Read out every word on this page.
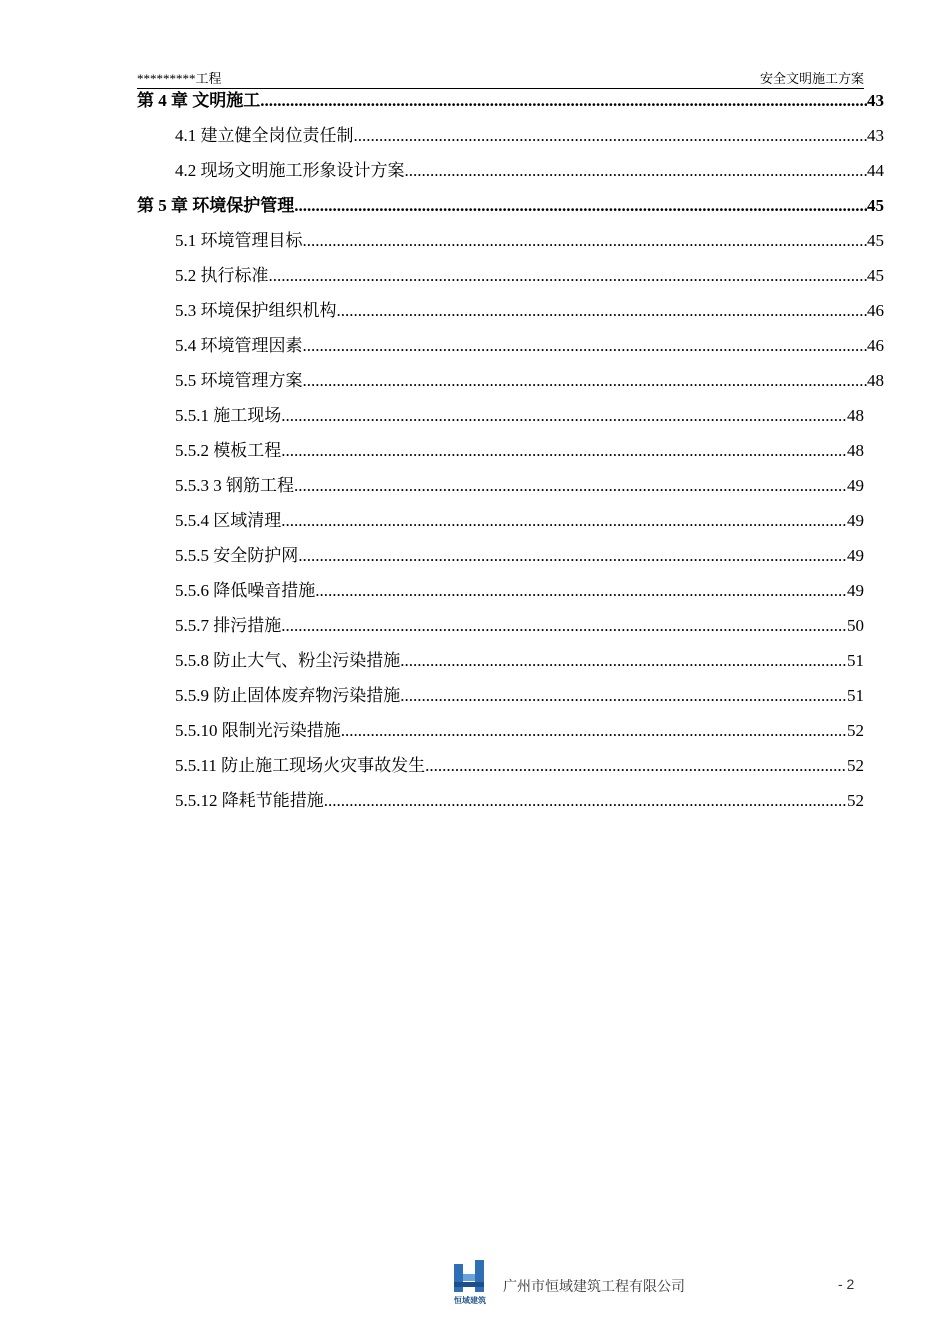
*********工程	安全文明施工方案
第 4 章 文明施工 .....	43
4.1 建立健全岗位责任制 .....	43
4.2 现场文明施工形象设计方案 .....	44
第 5 章 环境保护管理 .....	45
5.1 环境管理目标 .....	45
5.2 执行标准 .....	45
5.3 环境保护组织机构 .....	46
5.4 环境管理因素 .....	46
5.5 环境管理方案 .....	48
5.5.1 施工现场 .....	48
5.5.2 模板工程 .....	48
5.5.3 3 钢筋工程 .....	49
5.5.4 区域清理 .....	49
5.5.5 安全防护网 .....	49
5.5.6 降低噪音措施 .....	49
5.5.7 排污措施 .....	50
5.5.8 防止大气、粉尘污染措施 .....	51
5.5.9 防止固体废弃物污染措施 .....	51
5.5.10 限制光污染措施 .....	52
5.5.11 防止施工现场火灾事故发生 .....	52
5.5.12 降耗节能措施 .....	52
恒域建筑
广州市恒域建筑工程有限公司	- 2
